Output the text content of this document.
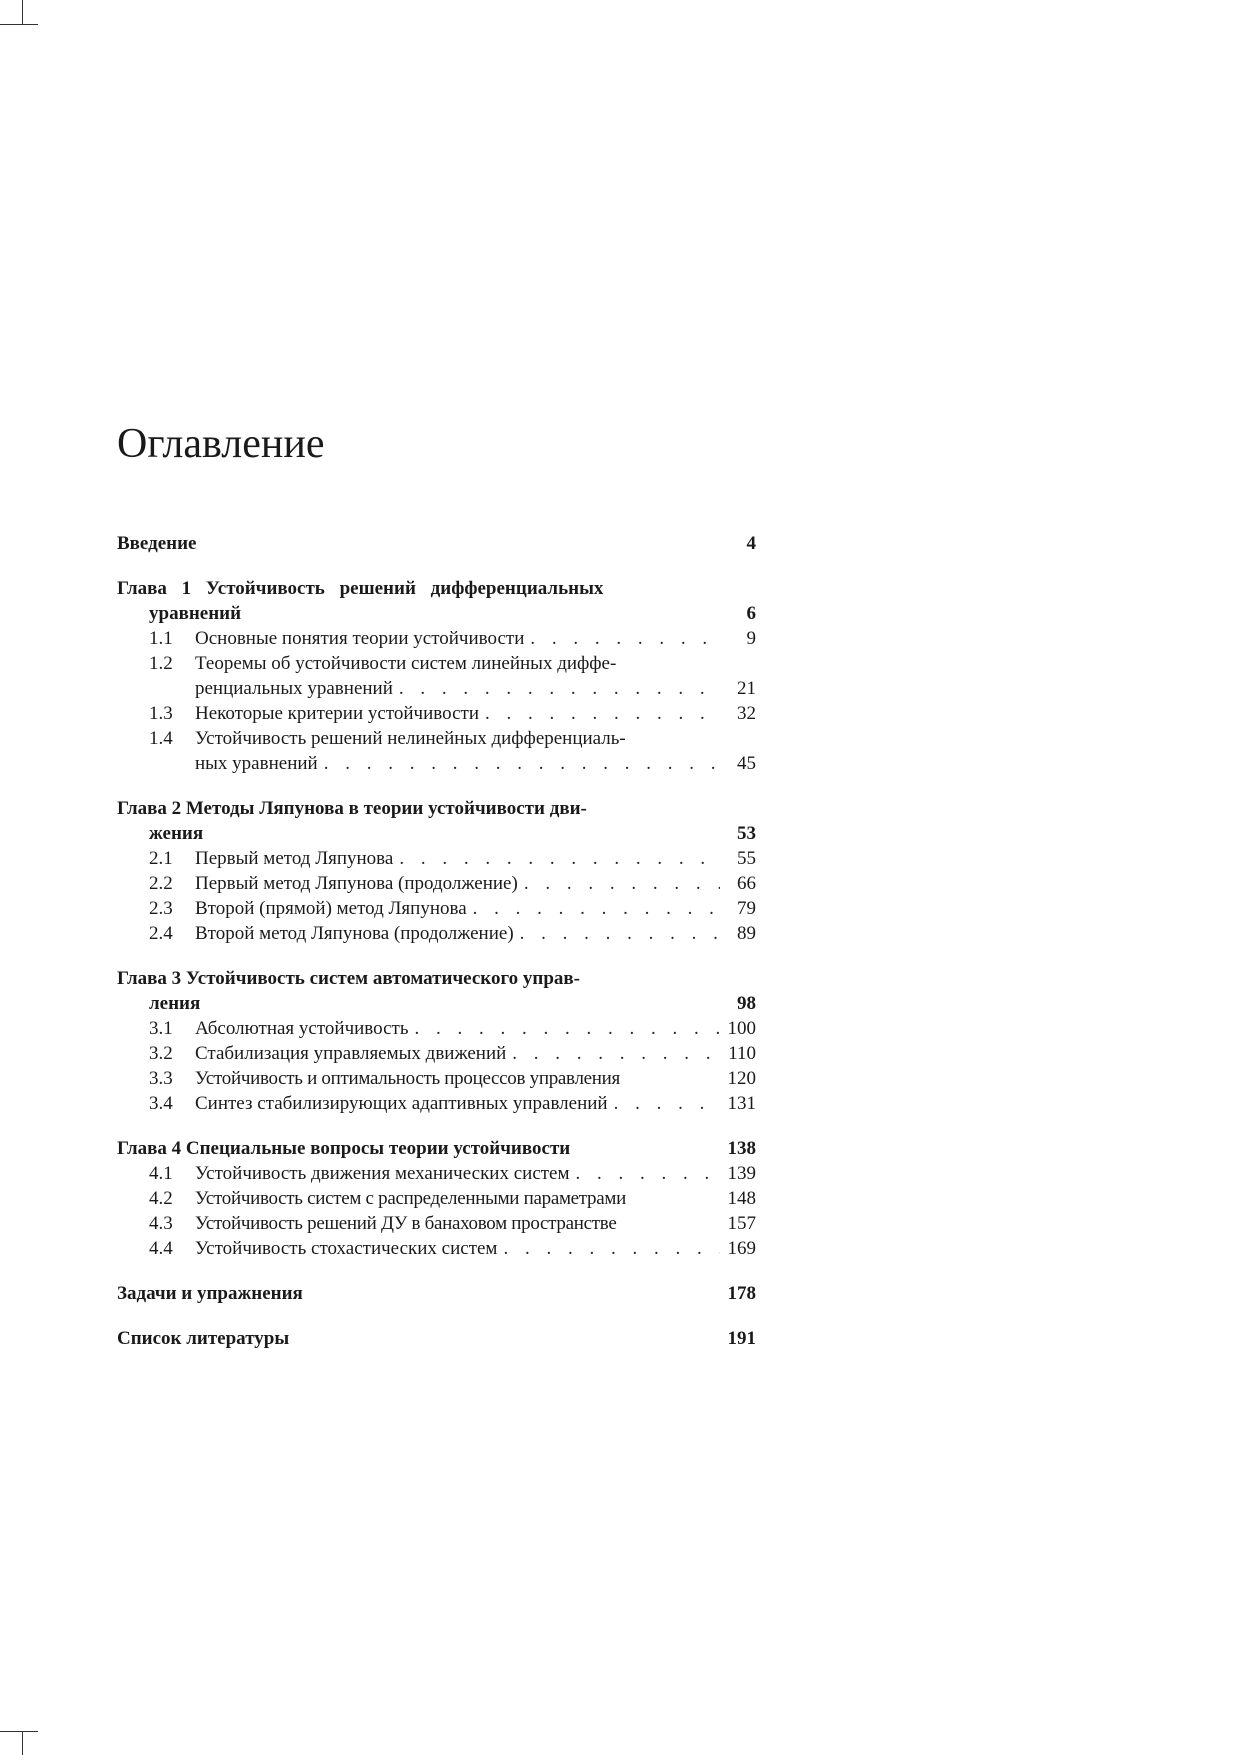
Оглавление
Введение	4
Глава 1 Устойчивость решений дифференциальных
уравнений	6
1.1	Основные понятия теории устойчивости . . .	9
1.2	Теоремы об устойчивости систем линейных диффе-
ренциальных уравнений . . .	21
1.3	Некоторые критерии устойчивости . . .	32
1.4	Устойчивость решений нелинейных дифференциаль-
ных уравнений . . .	45
Глава 2 Методы Ляпунова в теории устойчивости дви-
жения	53
2.1	Первый метод Ляпунова . . .	55
2.2	Первый метод Ляпунова (продолжение) . . .	66
2.3	Второй (прямой) метод Ляпунова . . .	79
2.4	Второй метод Ляпунова (продолжение) . . .	89
Глава 3 Устойчивость систем автоматического управ-
ления	98
3.1	Абсолютная устойчивость . . .	100
3.2	Стабилизация управляемых движений . . .	110
3.3	Устойчивость и оптимальность процессов управления	120
3.4	Синтез стабилизирующих адаптивных управлений . . .	131
Глава 4 Специальные вопросы теории устойчивости	138
4.1	Устойчивость движения механических систем . . .	139
4.2	Устойчивость систем с распределенными параметрами	148
4.3	Устойчивость решений ДУ в банаховом пространстве	157
4.4	Устойчивость стохастических систем . . .	169
Задачи и упражнения	178
Список литературы	191
